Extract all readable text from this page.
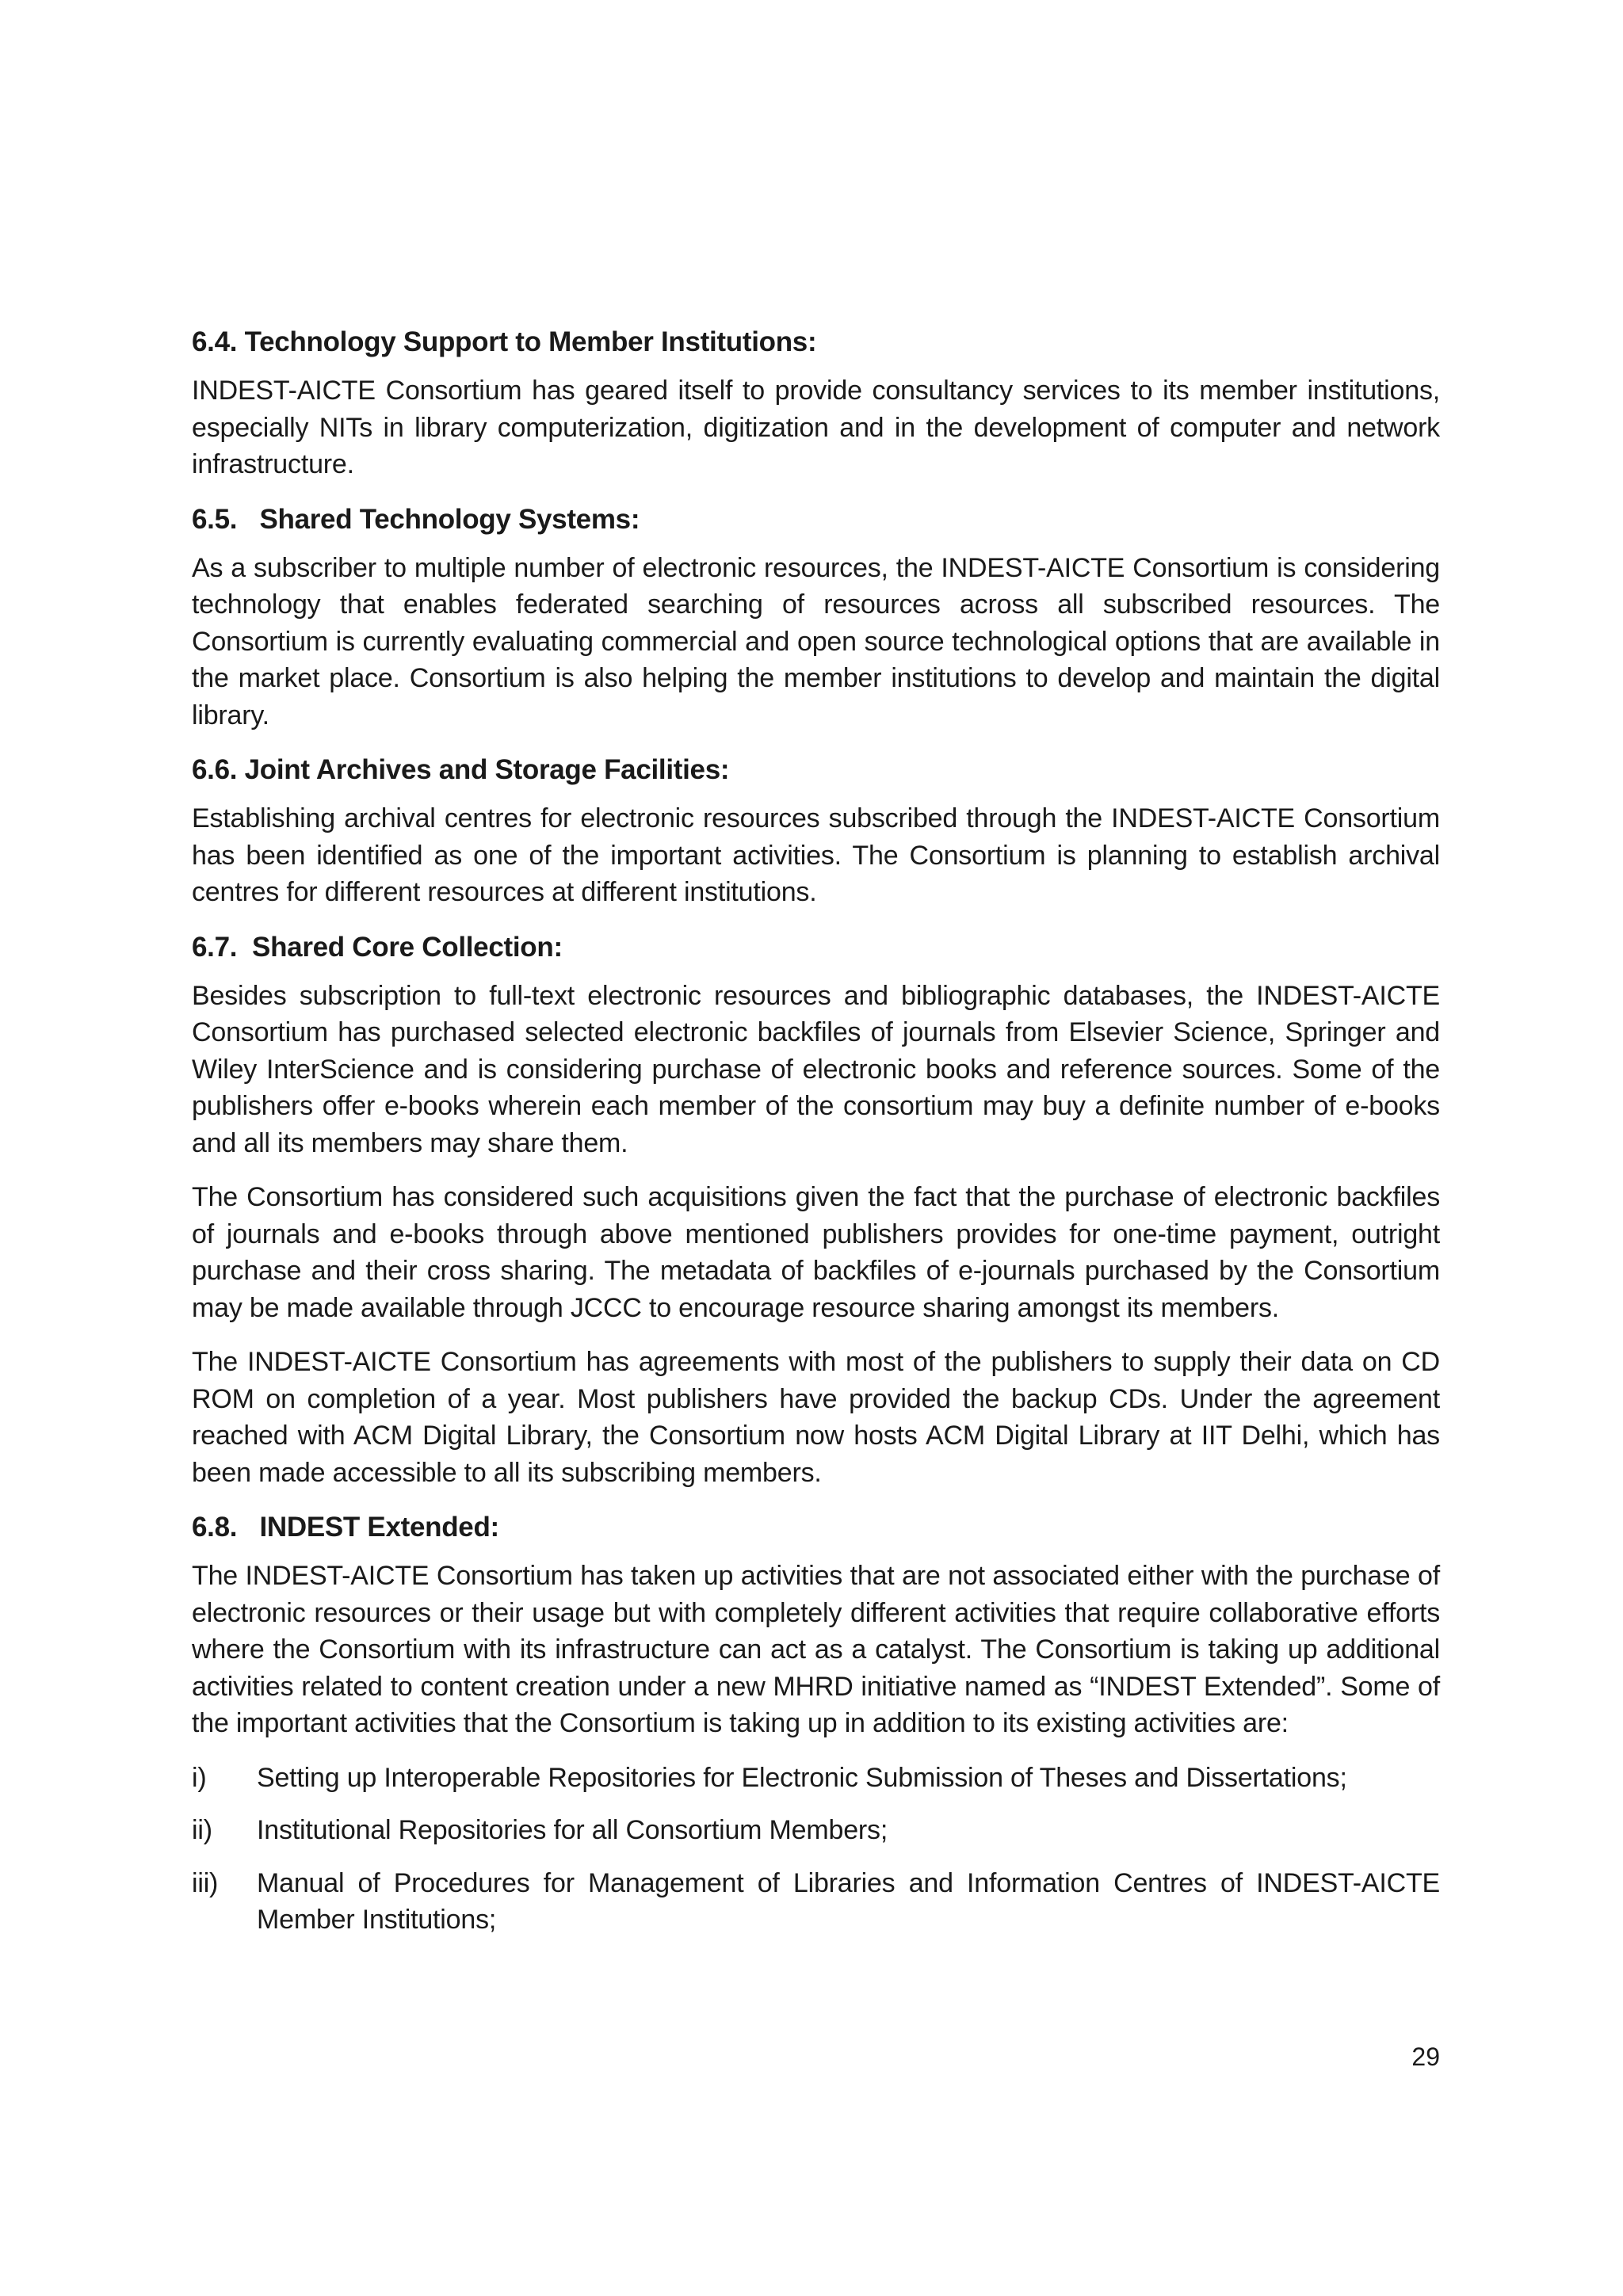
6.4. Technology Support to Member Institutions:

INDEST-AICTE Consortium has geared itself to provide consultancy services to its member institutions, especially NITs in library computerization, digitization and in the development of computer and network infrastructure.

6.5.   Shared Technology Systems:

As a subscriber to multiple number of electronic resources, the INDEST-AICTE Consortium is considering technology that enables federated searching of resources across all subscribed resources. The Consortium is currently evaluating commercial and open source technological options that are available in the market place. Consortium is also helping the member institutions to develop and maintain the digital library.

6.6. Joint Archives and Storage Facilities:

Establishing archival centres for electronic resources subscribed through the INDEST-AICTE Consortium has been identified as one of the important activities. The Consortium is planning to establish archival centres for different resources at different institutions.

6.7.  Shared Core Collection:

Besides subscription to full-text electronic resources and bibliographic databases, the INDEST-AICTE Consortium has purchased selected electronic backfiles of journals from Elsevier Science, Springer and Wiley InterScience and is considering purchase of electronic books and reference sources. Some of the publishers offer e-books wherein each member of the consortium may buy a definite number of e-books and all its members may share them.

The Consortium has considered such acquisitions given the fact that the purchase of electronic backfiles of journals and e-books through above mentioned publishers provides for one-time payment, outright purchase and their cross sharing. The metadata of backfiles of e-journals purchased by the Consortium may be made available through JCCC to encourage resource sharing amongst its members.

The INDEST-AICTE Consortium has agreements with most of the publishers to supply their data on CD ROM on completion of a year. Most publishers have provided the backup CDs. Under the agreement reached with ACM Digital Library, the Consortium now hosts ACM Digital Library at IIT Delhi, which has been made accessible to all its subscribing members.

6.8.   INDEST Extended:

The INDEST-AICTE Consortium has taken up activities that are not associated either with the purchase of electronic resources or their usage but with completely different activities that require collaborative efforts where the Consortium with its infrastructure can act as a catalyst. The Consortium is taking up additional activities related to content creation under a new MHRD initiative named as “INDEST Extended”. Some of the important activities that the Consortium is taking up in addition to its existing activities are:

i)	Setting up Interoperable Repositories for Electronic Submission of Theses and Dissertations;
ii)	Institutional Repositories for all Consortium Members;
iii)	Manual of Procedures for Management of Libraries and Information Centres of INDEST-AICTE Member Institutions;
29
